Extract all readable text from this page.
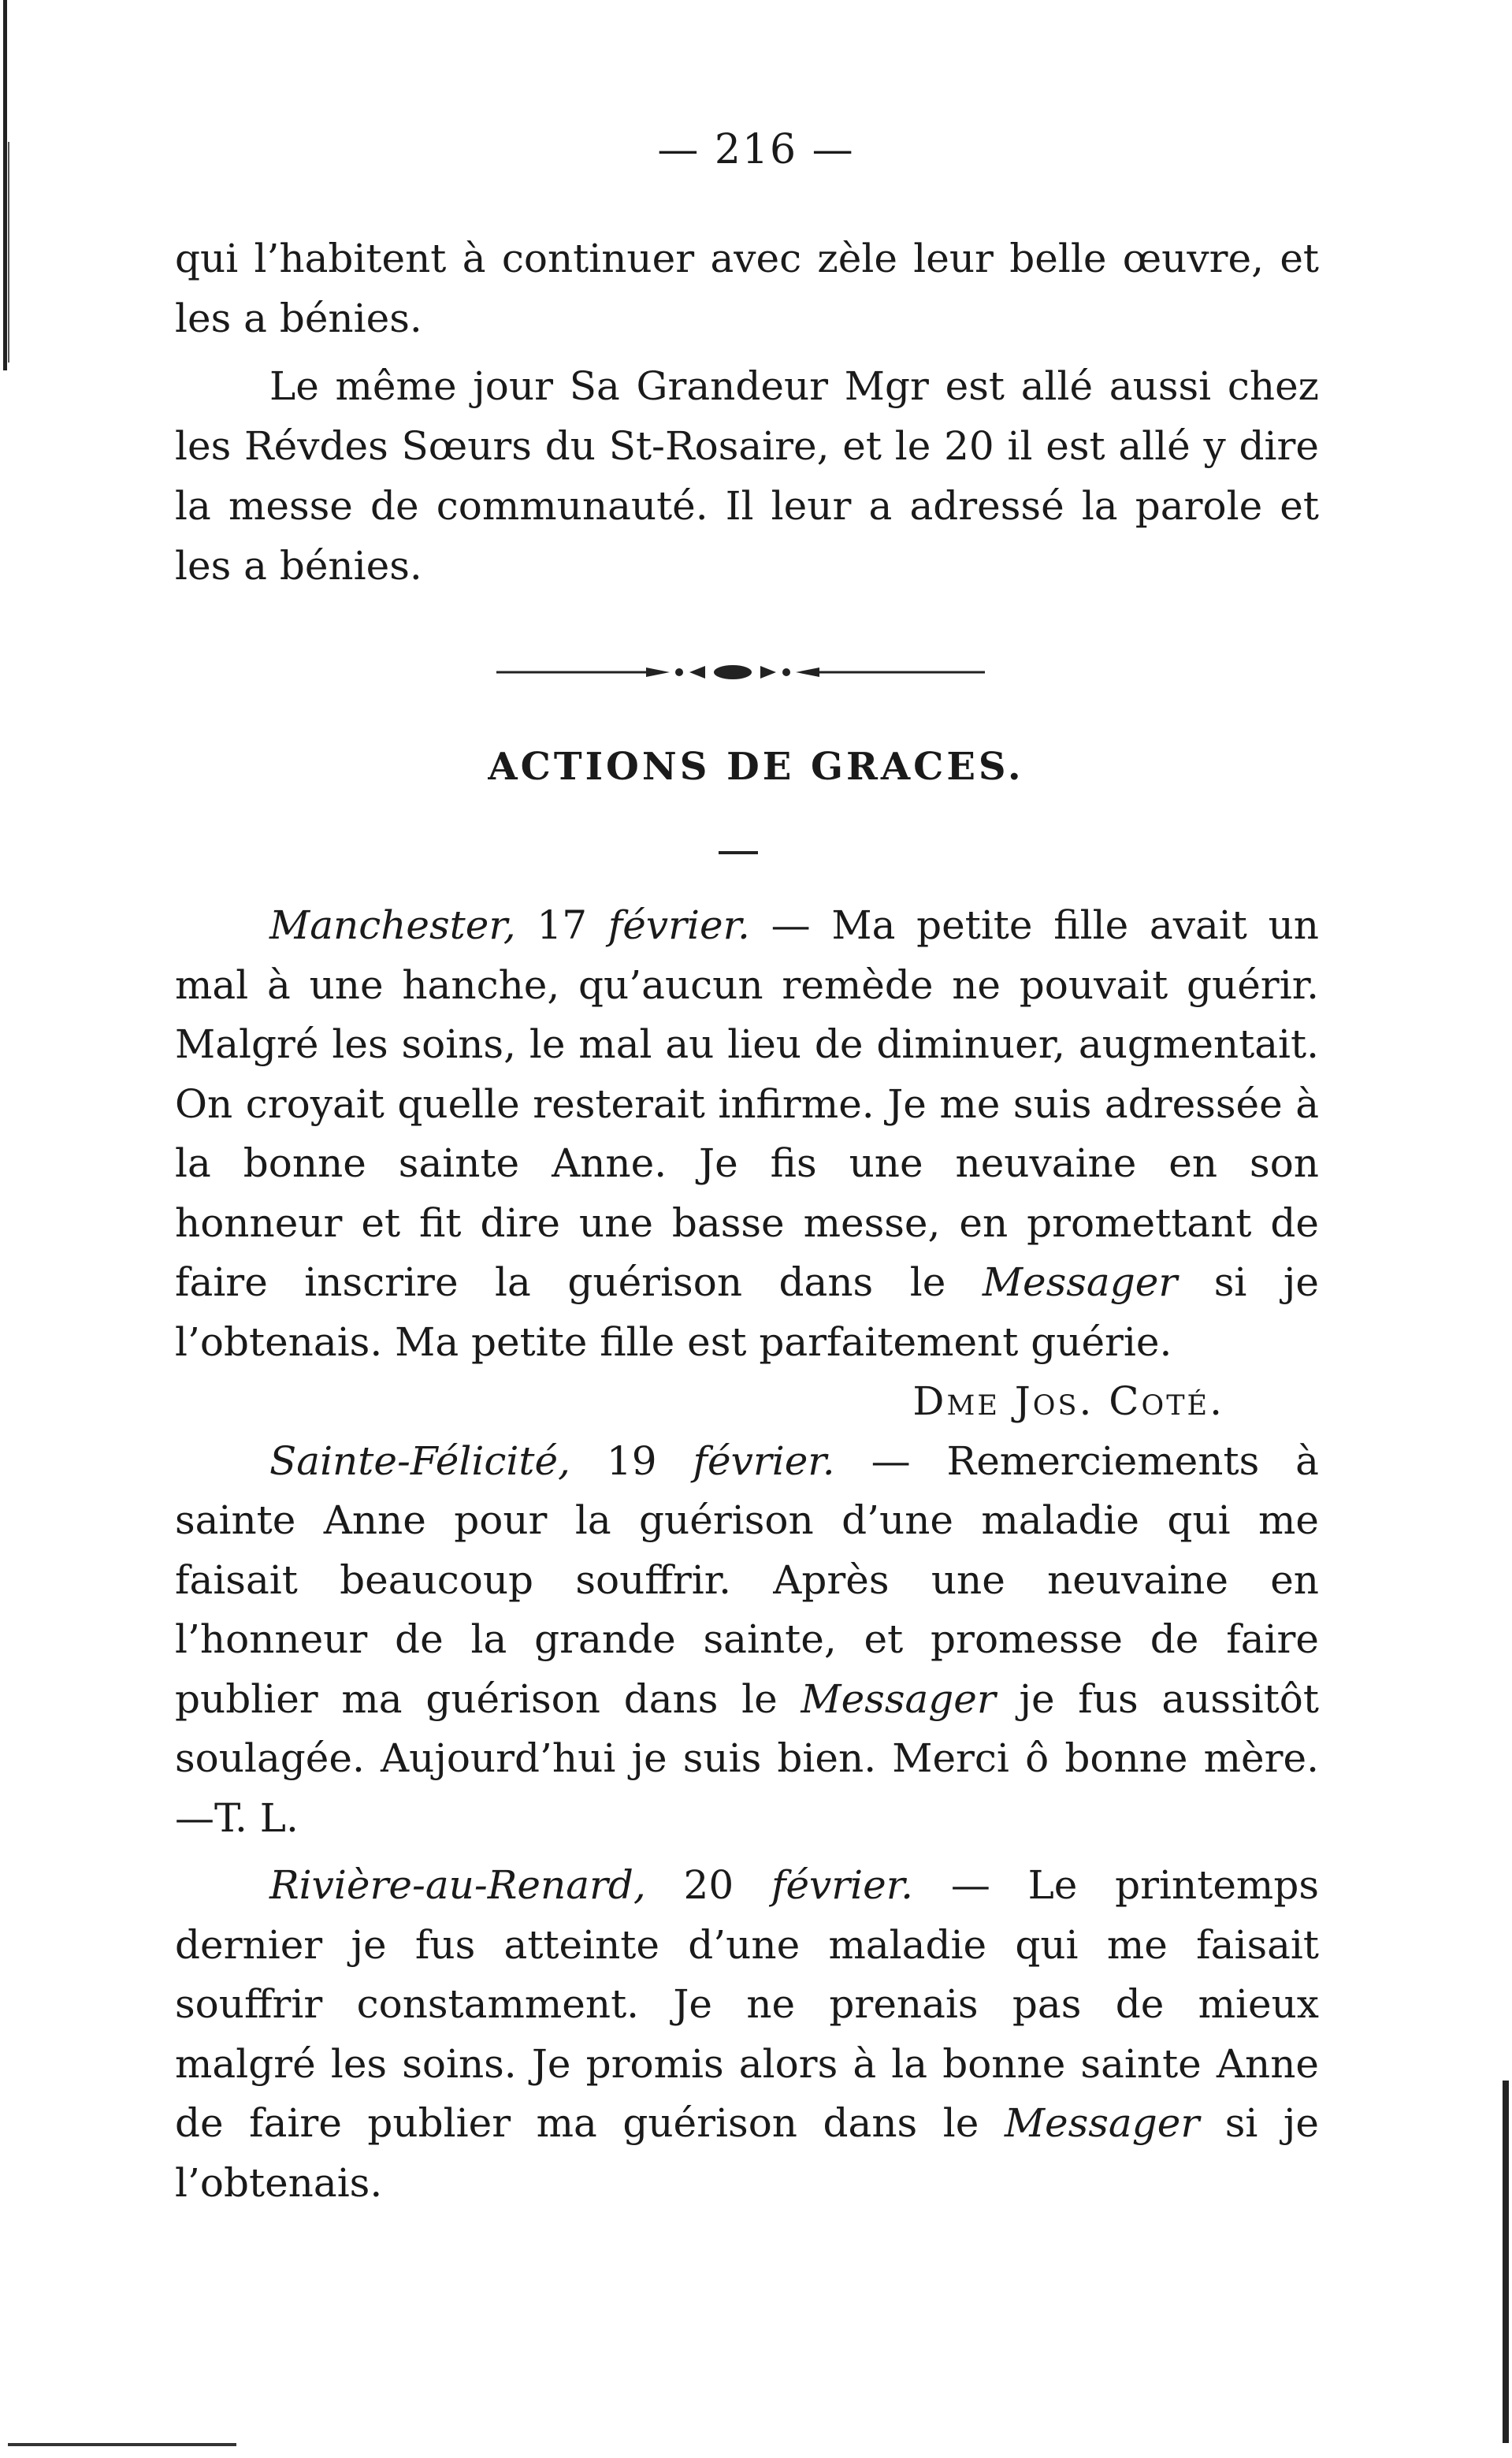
— 216 —

qui l’habitent à continuer avec zèle leur belle œuvre, et les a bénies.

Le même jour Sa Grandeur Mgr est allé aussi chez les Révdes Sœurs du St-Rosaire, et le 20 il est allé y dire la messe de communauté. Il leur a adressé la parole et les a bénies.

ACTIONS DE GRACES.

Manchester, 17 février. — Ma petite fille avait un mal à une hanche, qu’aucun remède ne pouvait guérir. Malgré les soins, le mal au lieu de diminuer, augmentait. On croyait quelle resterait infirme. Je me suis adressée à la bonne sainte Anne. Je fis une neuvaine en son honneur et fit dire une basse messe, en promettant de faire inscrire la guérison dans le Messager si je l’obtenais. Ma petite fille est parfaitement guérie.

Dme Jos. Coté.

Sainte-Félicité, 19 février. — Remerciements à sainte Anne pour la guérison d’une maladie qui me faisait beaucoup souffrir. Après une neuvaine en l’honneur de la grande sainte, et promesse de faire publier ma guérison dans le Messager je fus aussitôt soulagée. Aujourd’hui je suis bien. Merci ô bonne mère.—T. L.

Rivière-au-Renard, 20 février. — Le printemps dernier je fus atteinte d’une maladie qui me faisait souffrir constamment. Je ne prenais pas de mieux malgré les soins. Je promis alors à la bonne sainte Anne de faire publier ma guérison dans le Messager si je l’obtenais.
